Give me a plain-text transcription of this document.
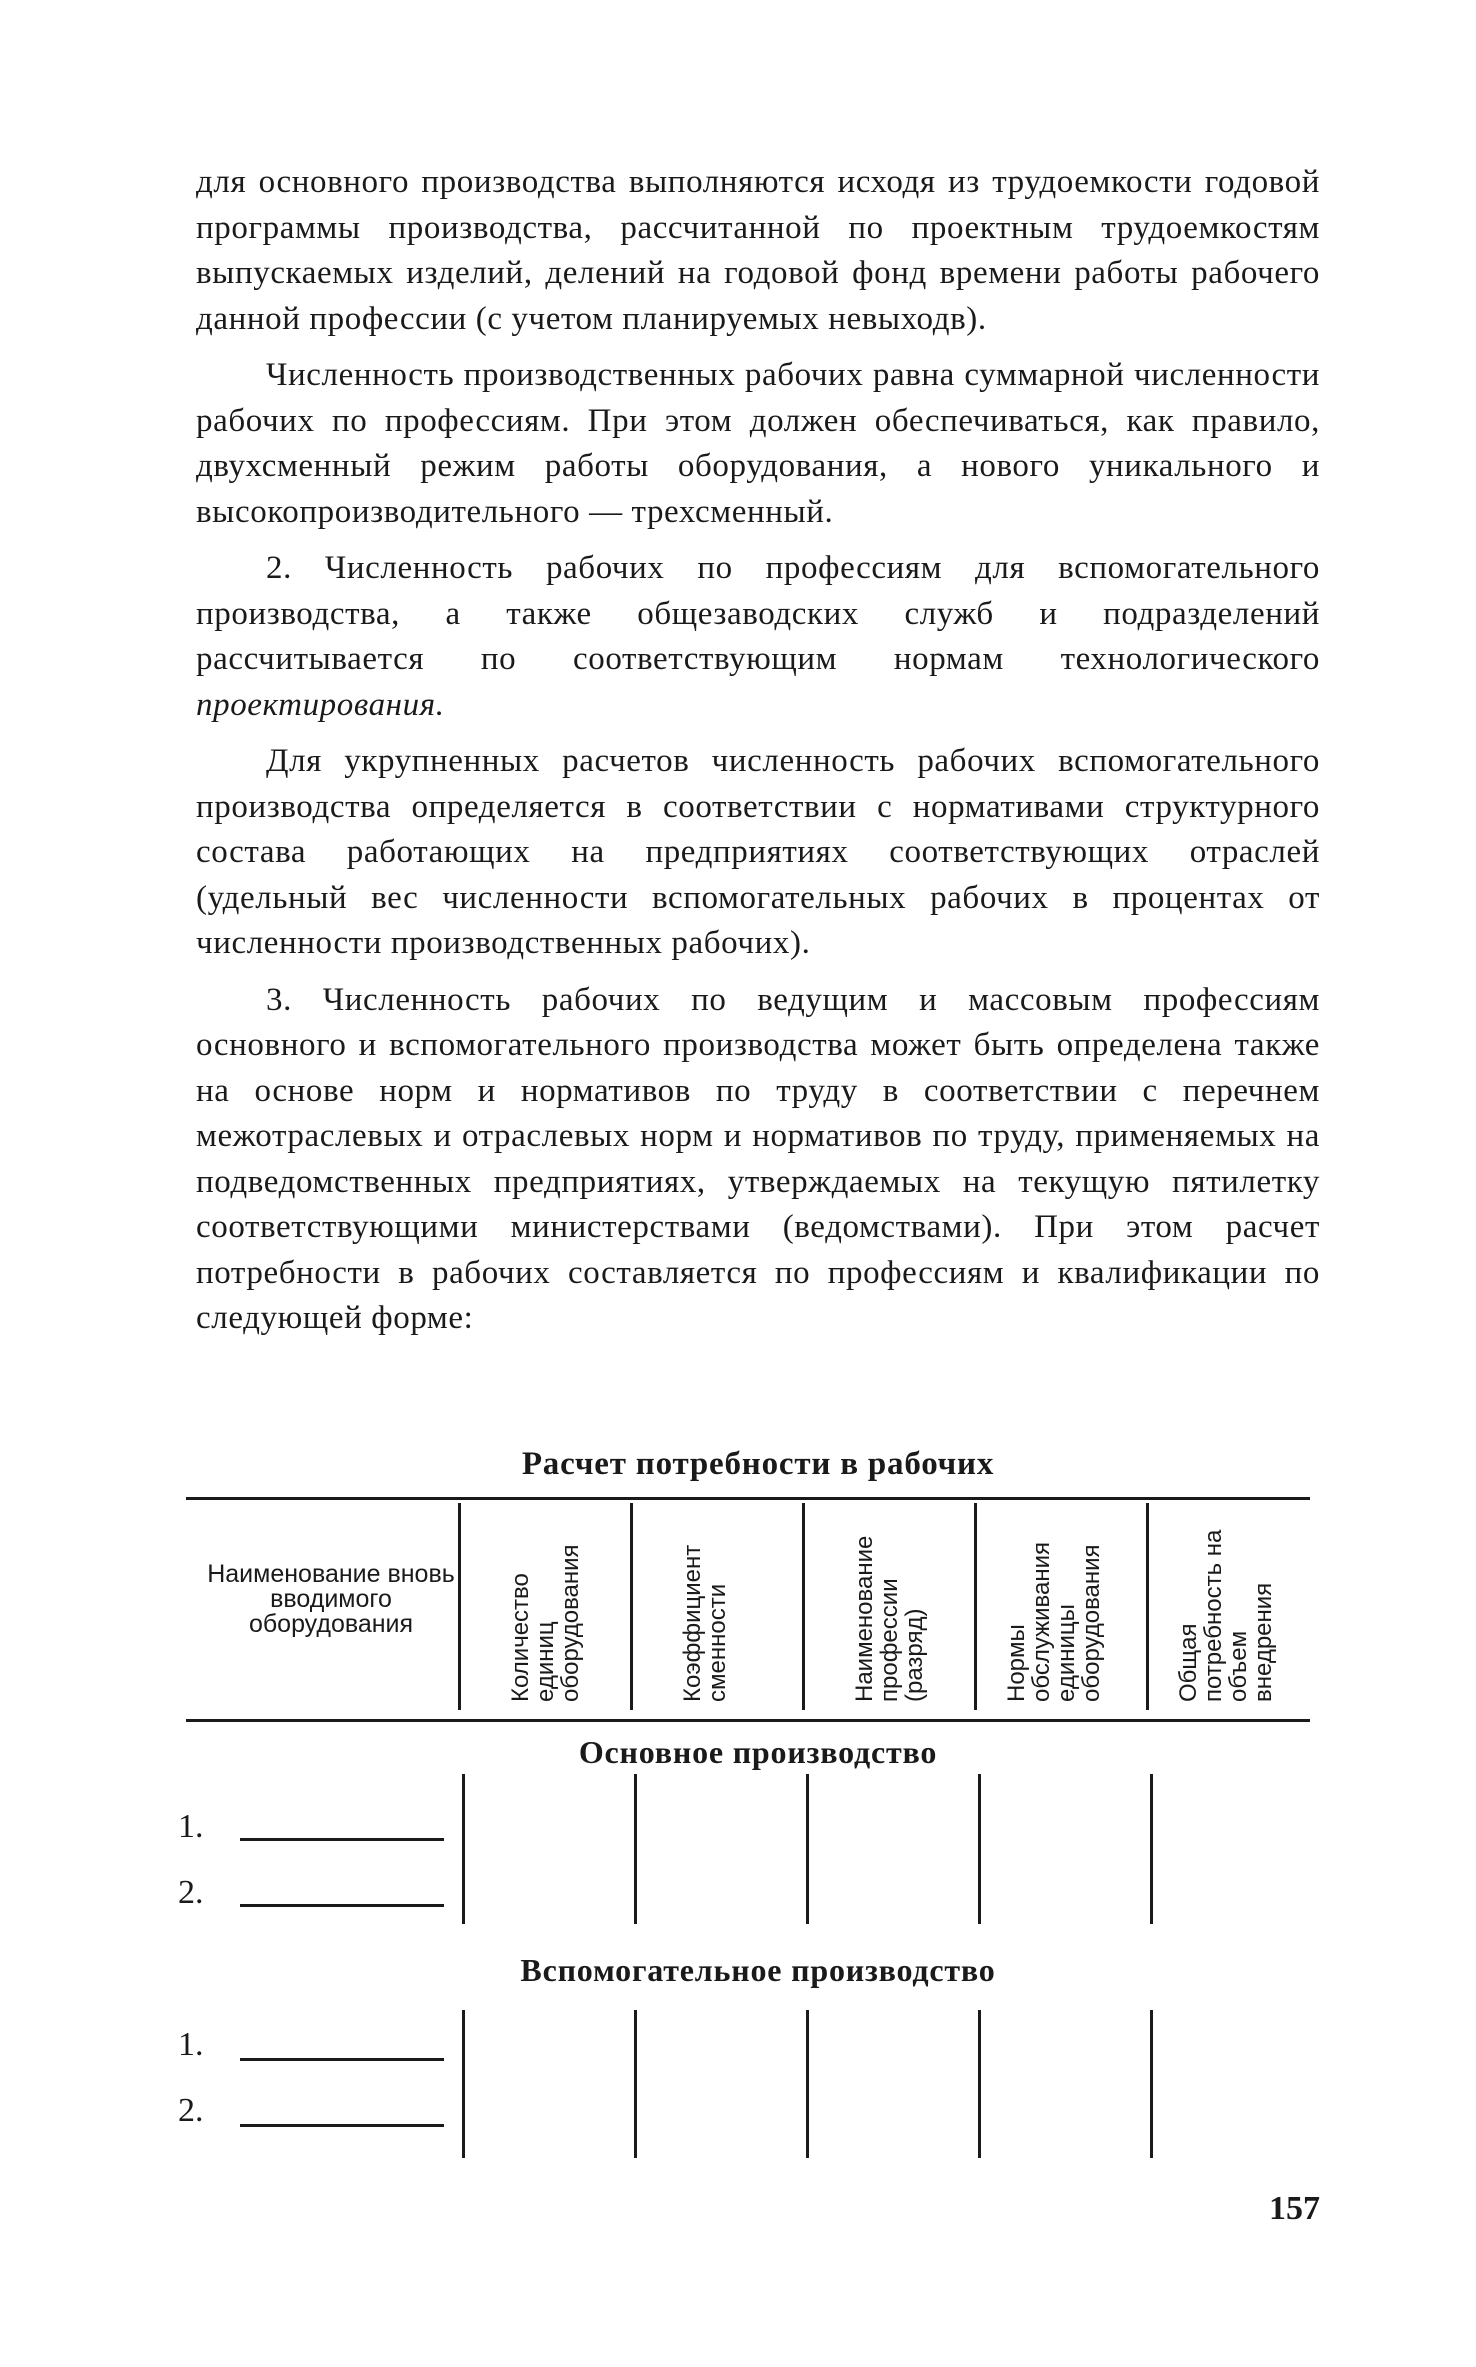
для основного производства выполняются исходя из трудоемкости годовой программы производства, рассчитанной по проектным трудоемкостям выпускаемых изделий, делений на годовой фонд времени работы рабочего данной профессии (с учетом планируемых невыходв).

Численность производственных рабочих равна суммарной численности рабочих по профессиям. При этом должен обеспечиваться, как правило, двухсменный режим работы оборудования, а нового уникального и высокопроизводительного — трехсменный.

2. Численность рабочих по профессиям для вспомогательного производства, а также общезаводских служб и подразделений рассчитывается по соответствующим нормам технологического проектирования.

Для укрупненных расчетов численность рабочих вспомогательного производства определяется в соответствии с нормативами структурного состава работающих на предприятиях соответствующих отраслей (удельный вес численности вспомогательных рабочих в процентах от численности производственных рабочих).

3. Численность рабочих по ведущим и массовым профессиям основного и вспомогательного производства может быть определена также на основе норм и нормативов по труду в соответствии с перечнем межотраслевых и отраслевых норм и нормативов по труду, применяемых на подведомственных предприятиях, утверждаемых на текущую пятилетку соответствующими министерствами (ведомствами). При этом расчет потребности в рабочих составляется по профессиям и квалификации по следующей форме:

Расчет потребности в рабочих
Наименование вновь вводимого оборудования	Количество единиц оборудования	Коэффициент сменности	Наименование профессии (разряд)	Нормы обслуживания единицы оборудования	Общая потребность на объем внедрения
Основное производство
1.
2.
Вспомогательное производство
1.
2.
157
